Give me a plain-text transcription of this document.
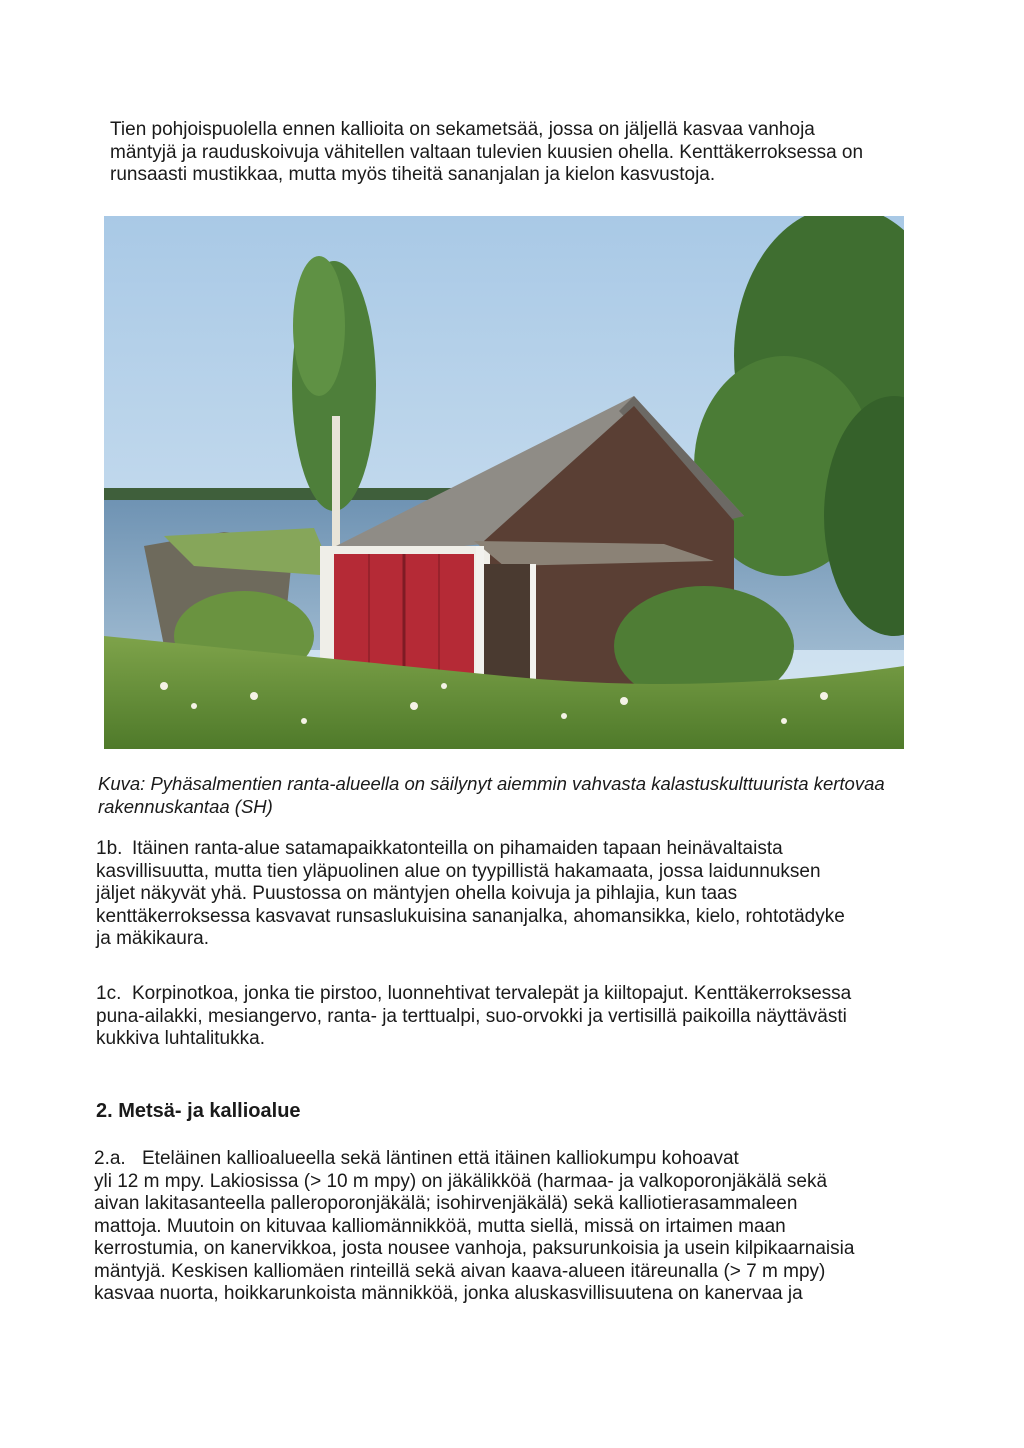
Tien pohjoispuolella ennen kallioita on sekametsää, jossa on jäljellä kasvaa vanhoja
mäntyjä ja rauduskoivuja vähitellen valtaan tulevien kuusien ohella. Kenttäkerroksessa on
runsaasti mustikkaa, mutta myös tiheitä sananjalan ja kielon kasvustoja.
Kuva: Pyhäsalmentien ranta-alueella on säilynyt aiemmin vahvasta kalastuskulttuurista kertovaa
rakennuskantaa (SH)
1b. Itäinen ranta-alue satamapaikkatonteilla on pihamaiden tapaan heinävaltaista
kasvillisuutta, mutta tien yläpuolinen alue on tyypillistä hakamaata, jossa laidunnuksen
jäljet näkyvät yhä. Puustossa on mäntyjen ohella koivuja ja pihlajia, kun taas
kenttäkerroksessa kasvavat runsaslukuisina sananjalka, ahomansikka, kielo, rohtotädyke
ja mäkikaura.
1c. Korpinotkoa, jonka tie pirstoo, luonnehtivat tervalepät ja kiiltopajut. Kenttäkerroksessa
puna-ailakki, mesiangervo, ranta- ja terttualpi, suo-orvokki ja vertisillä paikoilla näyttävästi
kukkiva luhtalitukka.
2. Metsä- ja kallioalue
2.a. Eteläinen kallioalueella sekä läntinen että itäinen kalliokumpu kohoavat
yli 12 m mpy. Lakiosissa (> 10 m mpy) on jäkälikköä (harmaa- ja valkoporonjäkälä sekä
aivan lakitasanteella palleroporonjäkälä; isohirvenjäkälä) sekä kalliotierasammaleen
mattoja. Muutoin on kituvaa kalliomännikköä, mutta siellä, missä on irtaimen maan
kerrostumia, on kanervikkoa, josta nousee vanhoja, paksurunkoisia ja usein kilpikaarnaisia
mäntyjä. Keskisen kalliomäen rinteillä sekä aivan kaava-alueen itäreunalla (> 7 m mpy)
kasvaa nuorta, hoikkarunkoista männikköä, jonka aluskasvillisuutena on kanervaa ja
